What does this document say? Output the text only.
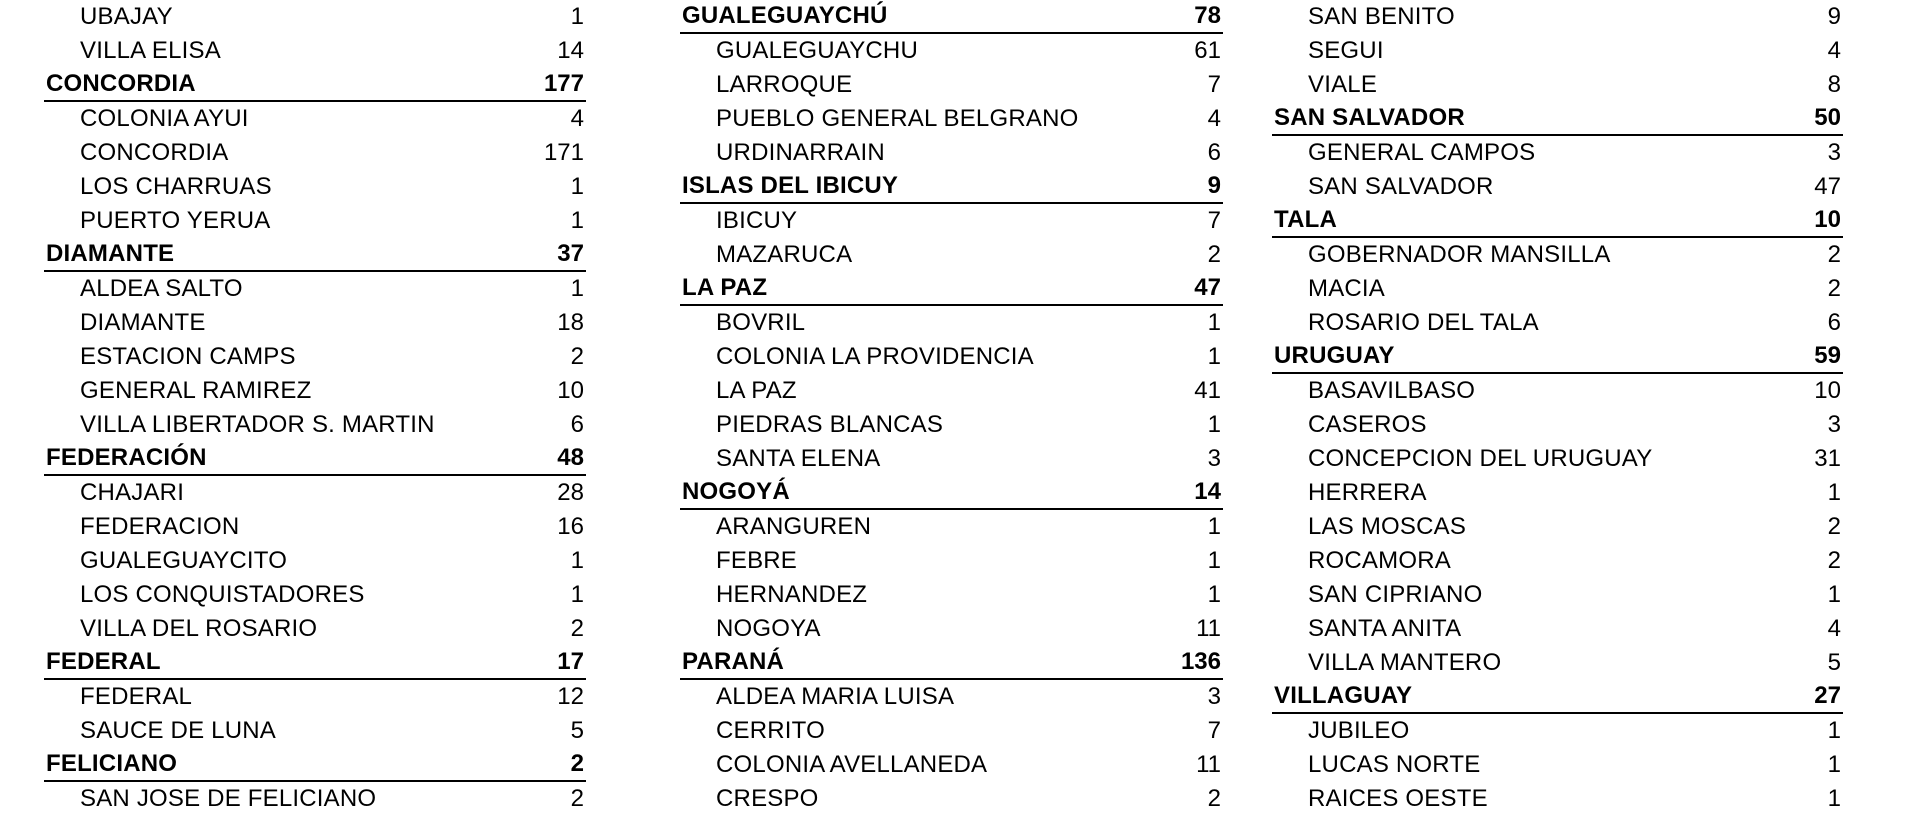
UBAJAY	1
VILLA ELISA	14
CONCORDIA	177
COLONIA AYUI	4
CONCORDIA	171
LOS CHARRUAS	1
PUERTO YERUA	1
DIAMANTE	37
ALDEA SALTO	1
DIAMANTE	18
ESTACION CAMPS	2
GENERAL RAMIREZ	10
VILLA LIBERTADOR S. MARTIN	6
FEDERACIÓN	48
CHAJARI	28
FEDERACION	16
GUALEGUAYCITO	1
LOS CONQUISTADORES	1
VILLA DEL ROSARIO	2
FEDERAL	17
FEDERAL	12
SAUCE DE LUNA	5
FELICIANO	2
SAN JOSE DE FELICIANO	2
GUALEGUAYCHÚ	78
GUALEGUAYCHU	61
LARROQUE	7
PUEBLO GENERAL BELGRANO	4
URDINARRAIN	6
ISLAS DEL IBICUY	9
IBICUY	7
MAZARUCA	2
LA PAZ	47
BOVRIL	1
COLONIA LA PROVIDENCIA	1
LA PAZ	41
PIEDRAS BLANCAS	1
SANTA ELENA	3
NOGOYÁ	14
ARANGUREN	1
FEBRE	1
HERNANDEZ	1
NOGOYA	11
PARANÁ	136
ALDEA MARIA LUISA	3
CERRITO	7
COLONIA AVELLANEDA	11
CRESPO	2
SAN BENITO	9
SEGUI	4
VIALE	8
SAN SALVADOR	50
GENERAL CAMPOS	3
SAN SALVADOR	47
TALA	10
GOBERNADOR MANSILLA	2
MACIA	2
ROSARIO DEL TALA	6
URUGUAY	59
BASAVILBASO	10
CASEROS	3
CONCEPCION DEL URUGUAY	31
HERRERA	1
LAS MOSCAS	2
ROCAMORA	2
SAN CIPRIANO	1
SANTA ANITA	4
VILLA MANTERO	5
VILLAGUAY	27
JUBILEO	1
LUCAS NORTE	1
RAICES OESTE	1
